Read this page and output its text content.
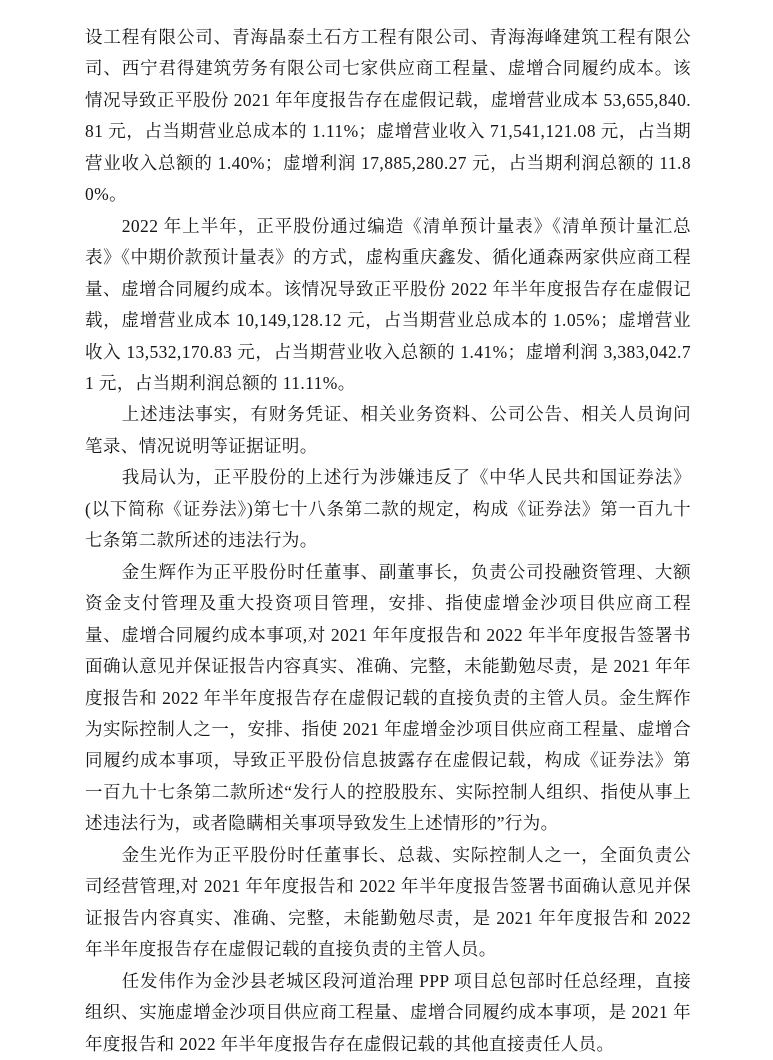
设工程有限公司、青海晶泰土石方工程有限公司、青海海峰建筑工程有限公司、西宁君得建筑劳务有限公司七家供应商工程量、虚增合同履约成本。该情况导致正平股份 2021 年年度报告存在虚假记载，虚增营业成本 53,655,840.81 元，占当期营业总成本的 1.11%；虚增营业收入 71,541,121.08 元，占当期营业收入总额的 1.40%；虚增利润 17,885,280.27 元，占当期利润总额的 11.80%。

2022 年上半年，正平股份通过编造《清单预计量表》《清单预计量汇总表》《中期价款预计量表》的方式，虚构重庆鑫发、循化通森两家供应商工程量、虚增合同履约成本。该情况导致正平股份 2022 年半年度报告存在虚假记载，虚增营业成本 10,149,128.12 元，占当期营业总成本的 1.05%；虚增营业收入 13,532,170.83 元，占当期营业收入总额的 1.41%；虚增利润 3,383,042.71 元，占当期利润总额的 11.11%。

上述违法事实，有财务凭证、相关业务资料、公司公告、相关人员询问笔录、情况说明等证据证明。

我局认为，正平股份的上述行为涉嫌违反了《中华人民共和国证券法》(以下简称《证券法》)第七十八条第二款的规定，构成《证券法》第一百九十七条第二款所述的违法行为。

金生辉作为正平股份时任董事、副董事长，负责公司投融资管理、大额资金支付管理及重大投资项目管理，安排、指使虚增金沙项目供应商工程量、虚增合同履约成本事项,对 2021 年年度报告和 2022 年半年度报告签署书面确认意见并保证报告内容真实、准确、完整，未能勤勉尽责，是 2021 年年度报告和 2022 年半年度报告存在虚假记载的直接负责的主管人员。金生辉作为实际控制人之一，安排、指使 2021 年虚增金沙项目供应商工程量、虚增合同履约成本事项，导致正平股份信息披露存在虚假记载，构成《证券法》第一百九十七条第二款所述“发行人的控股股东、实际控制人组织、指使从事上述违法行为，或者隐瞒相关事项导致发生上述情形的”行为。

金生光作为正平股份时任董事长、总裁、实际控制人之一，全面负责公司经营管理,对 2021 年年度报告和 2022 年半年度报告签署书面确认意见并保证报告内容真实、准确、完整，未能勤勉尽责，是 2021 年年度报告和 2022 年半年度报告存在虚假记载的直接负责的主管人员。

任发伟作为金沙县老城区段河道治理 PPP 项目总包部时任总经理，直接组织、实施虚增金沙项目供应商工程量、虚增合同履约成本事项，是 2021 年年度报告和 2022 年半年度报告存在虚假记载的其他直接责任人员。
